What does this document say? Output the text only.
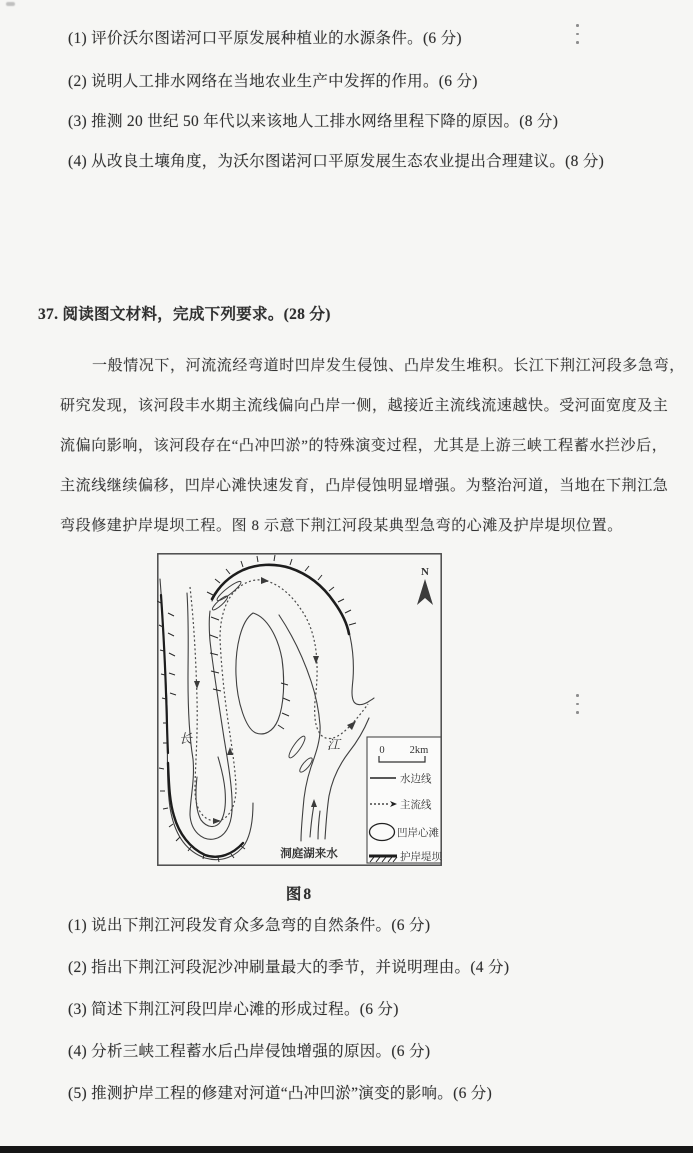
(1) 评价沃尔图诺河口平原发展种植业的水源条件。(6 分)
(2) 说明人工排水网络在当地农业生产中发挥的作用。(6 分)
(3) 推测 20 世纪 50 年代以来该地人工排水网络里程下降的原因。(8 分)
(4) 从改良土壤角度，为沃尔图诺河口平原发展生态农业提出合理建议。(8 分)
37. 阅读图文材料，完成下列要求。(28 分)
一般情况下，河流流经弯道时凹岸发生侵蚀、凸岸发生堆积。长江下荆江河段多急弯，
研究发现，该河段丰水期主流线偏向凸岸一侧，越接近主流线流速越快。受河面宽度及主
流偏向影响，该河段存在“凸冲凹淤”的特殊演变过程，尤其是上游三峡工程蓄水拦沙后，
主流线继续偏移，凹岸心滩快速发育，凸岸侵蚀明显增强。为整治河道，当地在下荆江急
弯段修建护岸堤坝工程。图 8 示意下荆江河段某典型急弯的心滩及护岸堤坝位置。
长	江
洞庭湖来水
N
0 2km
水边线
主流线
凹岸心滩
护岸堤坝
图8
(1) 说出下荆江河段发育众多急弯的自然条件。(6 分)
(2) 指出下荆江河段泥沙冲刷量最大的季节，并说明理由。(4 分)
(3) 简述下荆江河段凹岸心滩的形成过程。(6 分)
(4) 分析三峡工程蓄水后凸岸侵蚀增强的原因。(6 分)
(5) 推测护岸工程的修建对河道“凸冲凹淤”演变的影响。(6 分)
